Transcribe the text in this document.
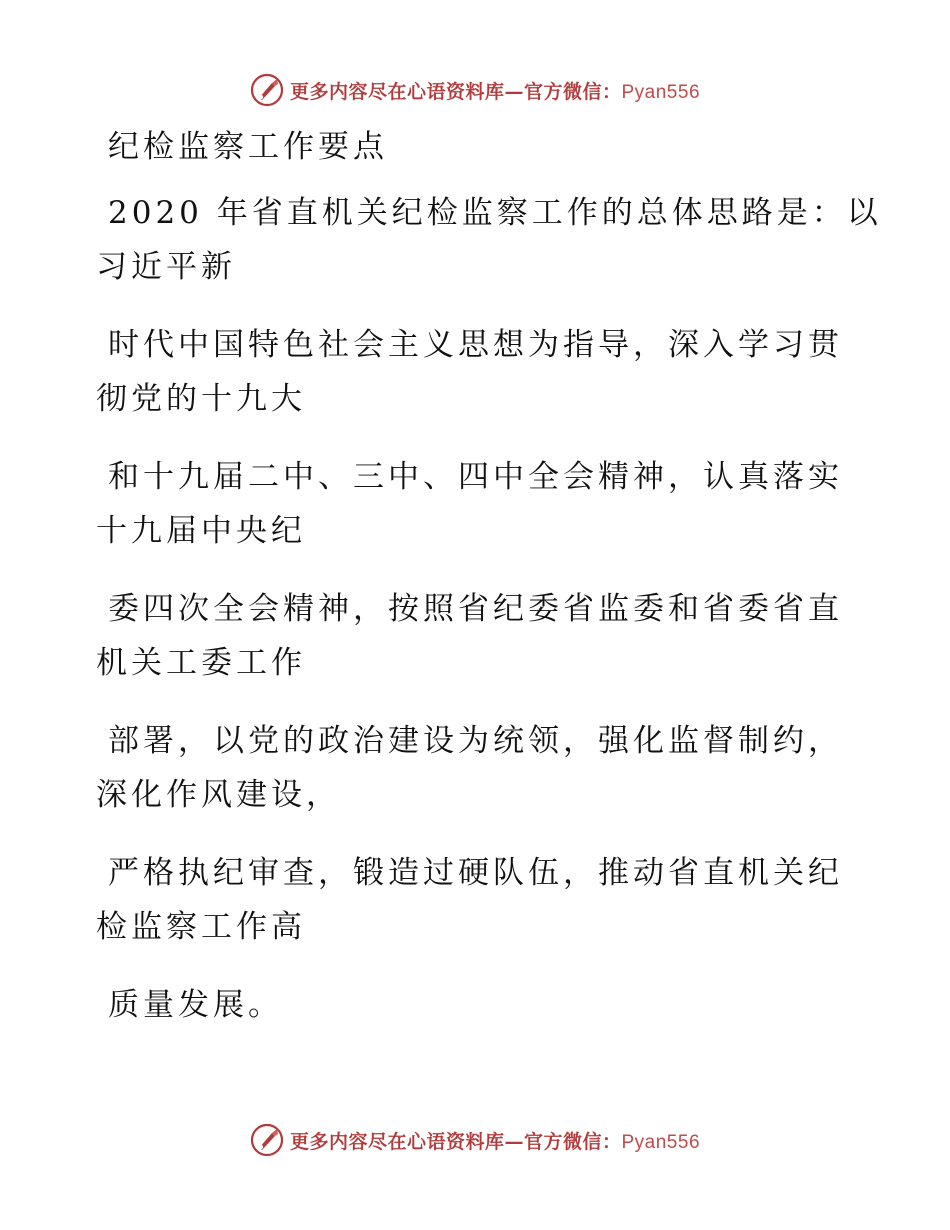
更多内容尽在心语资料库—官方微信：Pyan556
纪检监察工作要点
2020 年省直机关纪检监察工作的总体思路是：以
习近平新
时代中国特色社会主义思想为指导，深入学习贯
彻党的十九大
和十九届二中、三中、四中全会精神，认真落实
十九届中央纪
委四次全会精神，按照省纪委省监委和省委省直
机关工委工作
部署，以党的政治建设为统领，强化监督制约，
深化作风建设，
严格执纪审查，锻造过硬队伍，推动省直机关纪
检监察工作高
质量发展。
更多内容尽在心语资料库—官方微信：Pyan556
